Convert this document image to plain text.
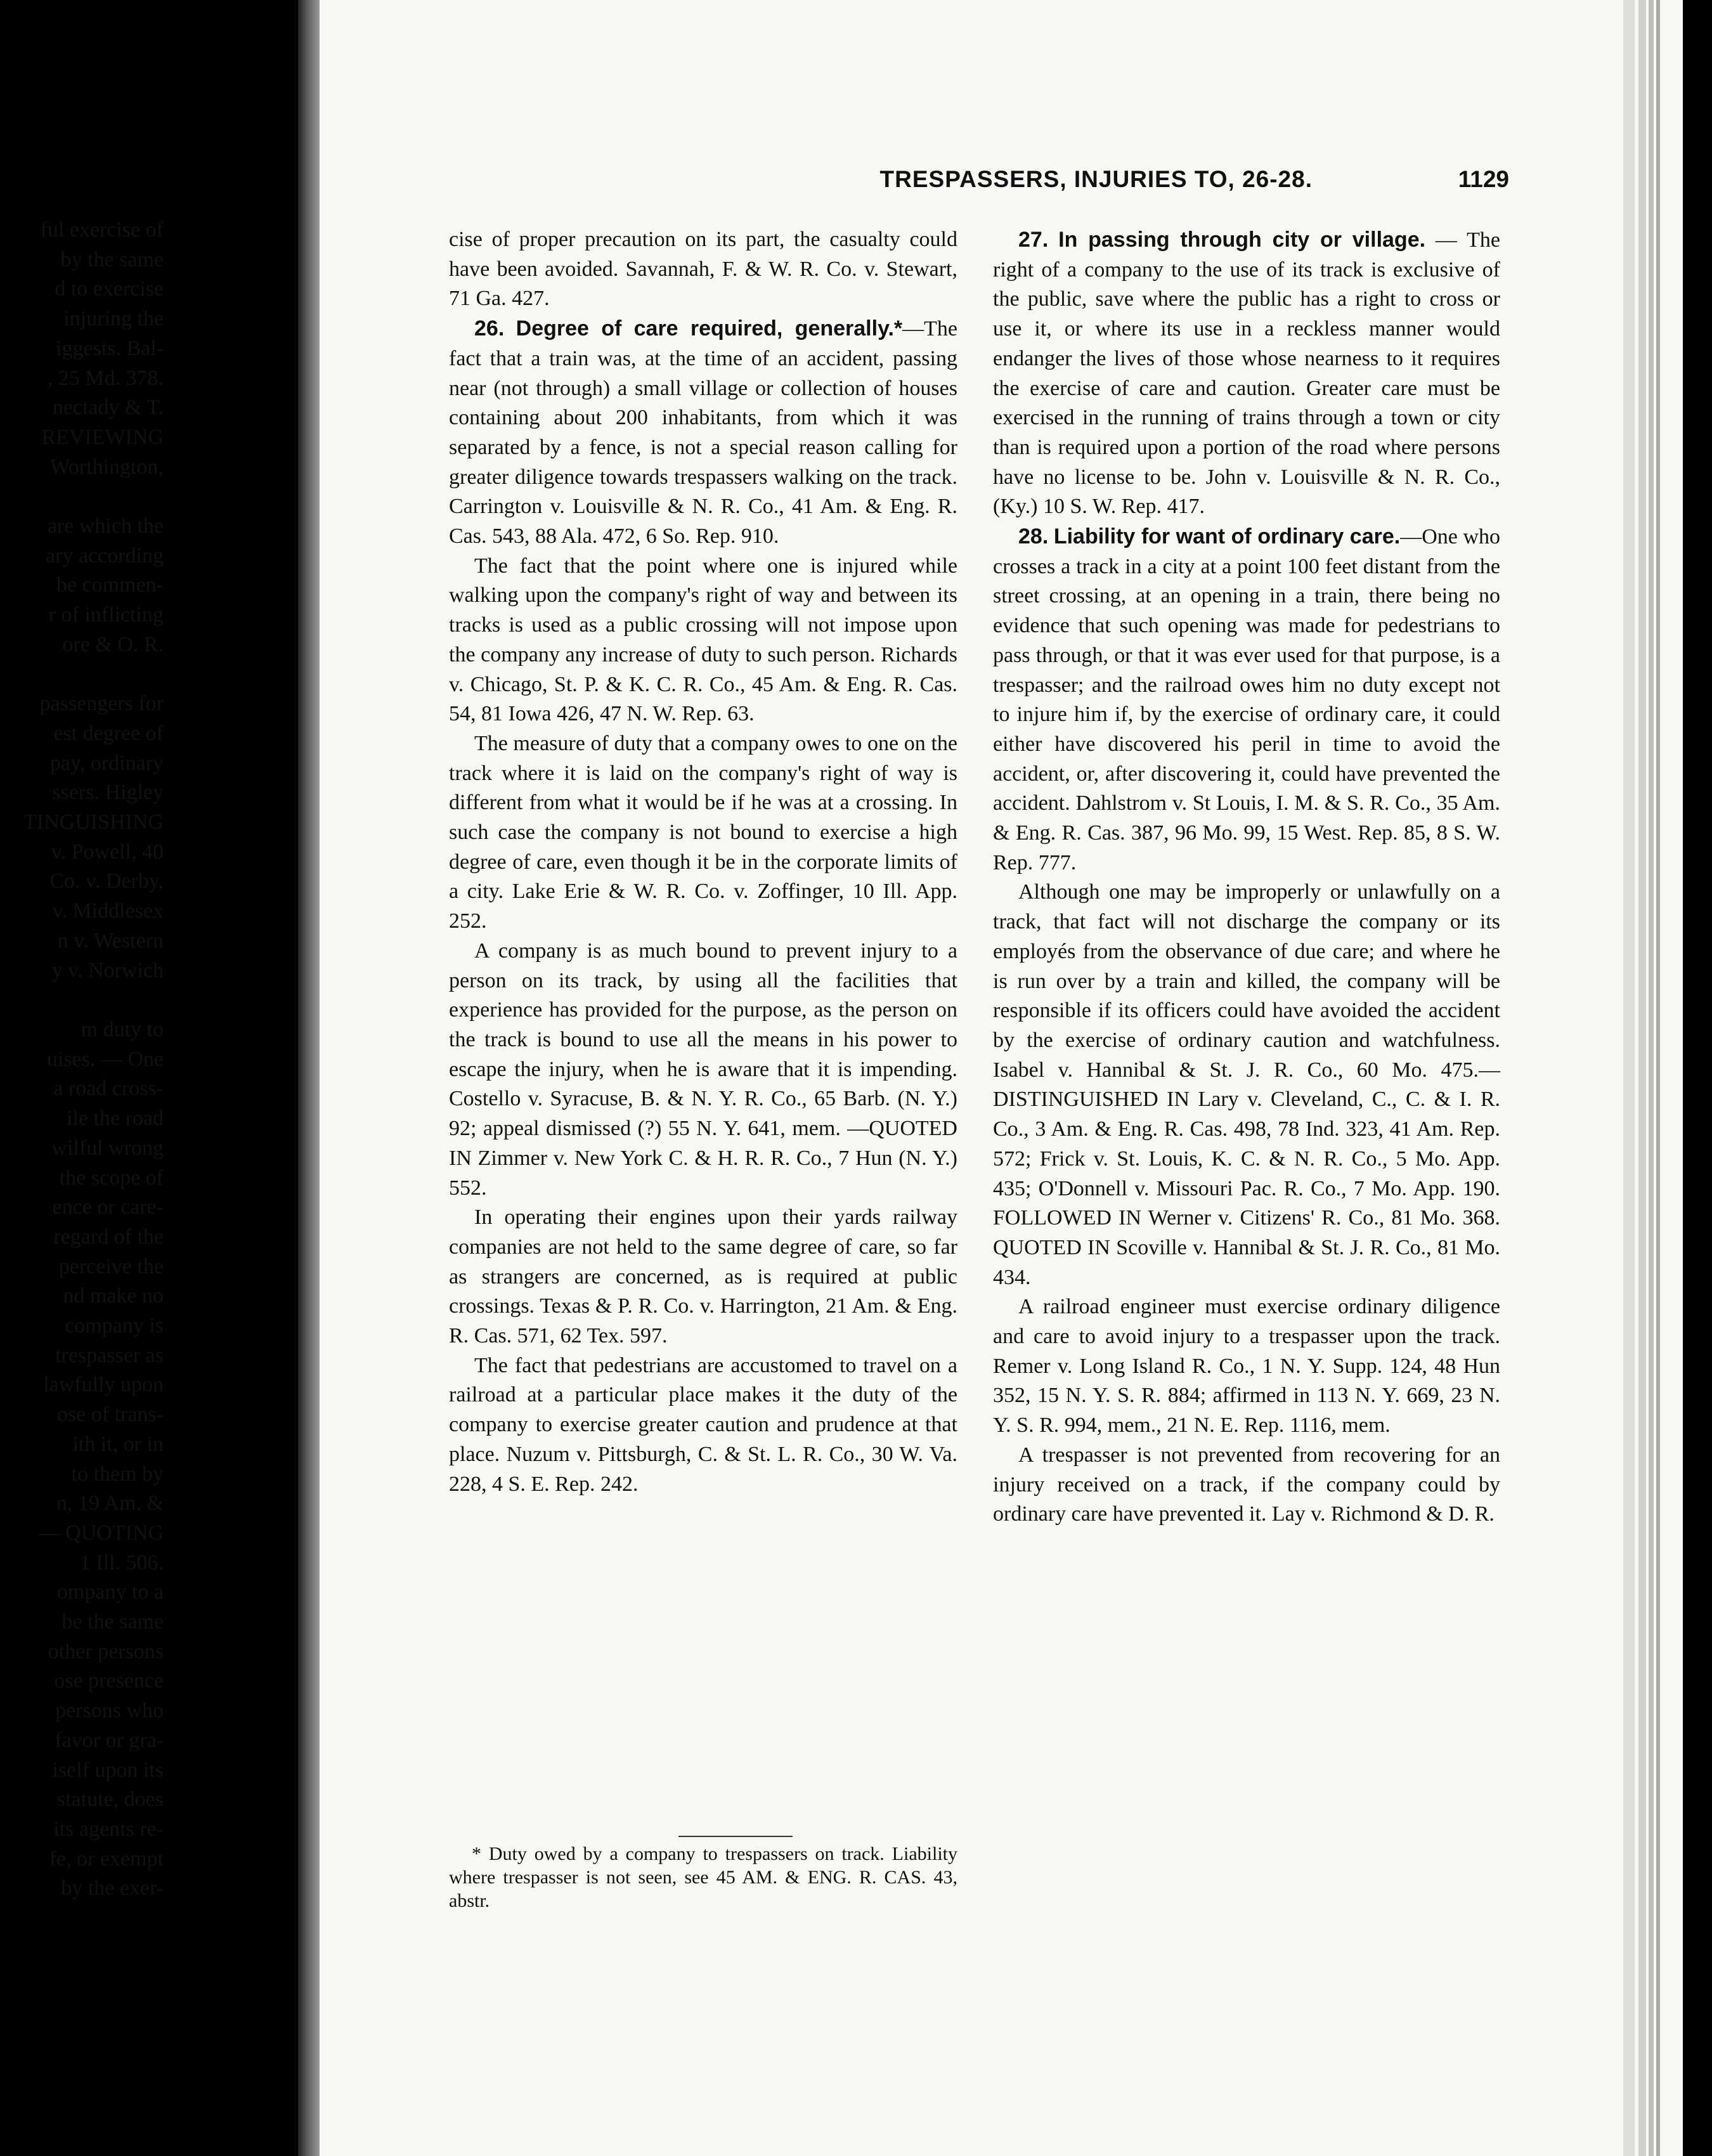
ful exercise of
by the same
d to exercise
injuring the
iggests. Bal-
, 25 Md. 378.
nectady & T.
REVIEWING
Worthington,

are which the
ary according
be commen-
r of inflicting
ore & O. R.

passengers for
est degree of
pay, ordinary
ssers. Higley
TINGUISHING
v. Powell, 40
Co. v. Derby,
v. Middlesex
n v. Western
y v. Norwich

m duty to
uises. — One
a road cross-
ile the road
wilful wrong
the scope of
ence or care-
regard of the
perceive the
nd make no
company is
trespasser as
lawfully upon
ose of trans-
ith it, or in
to them by
n, 19 Am. &
— QUOTING
1 Ill. 506.
ompany to a
be the same
other persons
ose presence
persons who
favor or gra-
iself upon its
statute, does
its agents re-
fe, or exempt
by the exer-
TRESPASSERS, INJURIES TO, 26-28.	1129

cise of proper precaution on its part, the casualty could have been avoided. Savannah, F. & W. R. Co. v. Stewart, 71 Ga. 427.

26. Degree of care required, generally.*—The fact that a train was, at the time of an accident, passing near (not through) a small village or collection of houses containing about 200 inhabitants, from which it was separated by a fence, is not a special reason calling for greater diligence towards trespassers walking on the track. Carrington v. Louisville & N. R. Co., 41 Am. & Eng. R. Cas. 543, 88 Ala. 472, 6 So. Rep. 910.

The fact that the point where one is injured while walking upon the company's right of way and between its tracks is used as a public crossing will not impose upon the company any increase of duty to such person. Richards v. Chicago, St. P. & K. C. R. Co., 45 Am. & Eng. R. Cas. 54, 81 Iowa 426, 47 N. W. Rep. 63.

The measure of duty that a company owes to one on the track where it is laid on the company's right of way is different from what it would be if he was at a crossing. In such case the company is not bound to exercise a high degree of care, even though it be in the corporate limits of a city. Lake Erie & W. R. Co. v. Zoffinger, 10 Ill. App. 252.

A company is as much bound to prevent injury to a person on its track, by using all the facilities that experience has provided for the purpose, as the person on the track is bound to use all the means in his power to escape the injury, when he is aware that it is impending. Costello v. Syracuse, B. & N. Y. R. Co., 65 Barb. (N. Y.) 92; appeal dismissed (?) 55 N. Y. 641, mem. —QUOTED IN Zimmer v. New York C. & H. R. R. Co., 7 Hun (N. Y.) 552.

In operating their engines upon their yards railway companies are not held to the same degree of care, so far as strangers are concerned, as is required at public crossings. Texas & P. R. Co. v. Harrington, 21 Am. & Eng. R. Cas. 571, 62 Tex. 597.

The fact that pedestrians are accustomed to travel on a railroad at a particular place makes it the duty of the company to exercise greater caution and prudence at that place. Nuzum v. Pittsburgh, C. & St. L. R. Co., 30 W. Va. 228, 4 S. E. Rep. 242.

* Duty owed by a company to trespassers on track. Liability where trespasser is not seen, see 45 AM. & ENG. R. CAS. 43, abstr.

27. In passing through city or village. — The right of a company to the use of its track is exclusive of the public, save where the public has a right to cross or use it, or where its use in a reckless manner would endanger the lives of those whose nearness to it requires the exercise of care and caution. Greater care must be exercised in the running of trains through a town or city than is required upon a portion of the road where persons have no license to be. John v. Louisville & N. R. Co., (Ky.) 10 S. W. Rep. 417.

28. Liability for want of ordinary care.—One who crosses a track in a city at a point 100 feet distant from the street crossing, at an opening in a train, there being no evidence that such opening was made for pedestrians to pass through, or that it was ever used for that purpose, is a trespasser; and the railroad owes him no duty except not to injure him if, by the exercise of ordinary care, it could either have discovered his peril in time to avoid the accident, or, after discovering it, could have prevented the accident. Dahlstrom v. St Louis, I. M. & S. R. Co., 35 Am. & Eng. R. Cas. 387, 96 Mo. 99, 15 West. Rep. 85, 8 S. W. Rep. 777.

Although one may be improperly or unlawfully on a track, that fact will not discharge the company or its employés from the observance of due care; and where he is run over by a train and killed, the company will be responsible if its officers could have avoided the accident by the exercise of ordinary caution and watchfulness. Isabel v. Hannibal & St. J. R. Co., 60 Mo. 475.—DISTINGUISHED IN Lary v. Cleveland, C., C. & I. R. Co., 3 Am. & Eng. R. Cas. 498, 78 Ind. 323, 41 Am. Rep. 572; Frick v. St. Louis, K. C. & N. R. Co., 5 Mo. App. 435; O'Donnell v. Missouri Pac. R. Co., 7 Mo. App. 190. FOLLOWED IN Werner v. Citizens' R. Co., 81 Mo. 368. QUOTED IN Scoville v. Hannibal & St. J. R. Co., 81 Mo. 434.

A railroad engineer must exercise ordinary diligence and care to avoid injury to a trespasser upon the track. Remer v. Long Island R. Co., 1 N. Y. Supp. 124, 48 Hun 352, 15 N. Y. S. R. 884; affirmed in 113 N. Y. 669, 23 N. Y. S. R. 994, mem., 21 N. E. Rep. 1116, mem.

A trespasser is not prevented from recovering for an injury received on a track, if the company could by ordinary care have prevented it. Lay v. Richmond & D. R.
